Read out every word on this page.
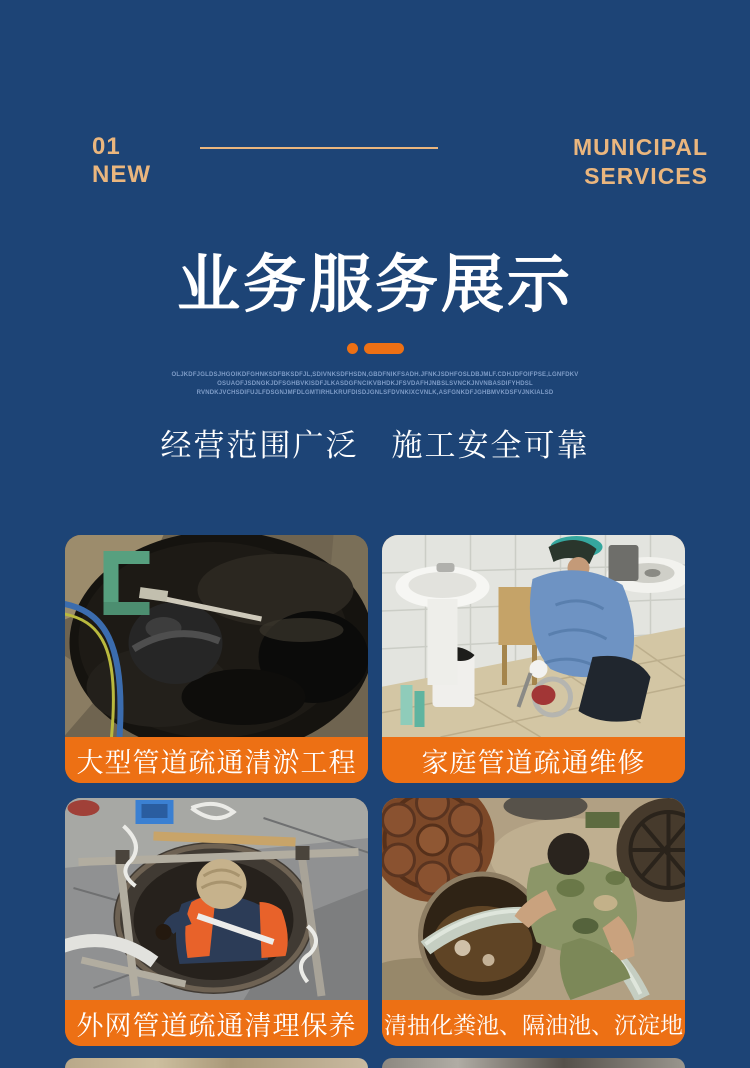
01
NEW
MUNICIPAL
SERVICES
业务服务展示
OLJKDFJGLDSJHGOIKDFGHNKSDFBKSDFJL,SDIVNKSDFHSDN,GBDFNIKFSADH.JFNKJSDHFOSLDBJMLF.CDHJDFOIFPSE,LGNFDKV
OSUAOFJSDNGKJDFSGHBVKISDFJLKASDGFNCIKVBHDKJFSVDAFHJNBSLSVNCKJNVNBASDIFYHDSL
RVNDKJVCHSDIFUJLFDSGNJMFDLGMTIRHLKRUFDISDJGNLSFDVNKIXCVNLK,ASFGNKDFJGHBMVKDSFVJNKIALSD
经营范围广泛　施工安全可靠
大型管道疏通清淤工程	家庭管道疏通维修
外网管道疏通清理保养	清抽化粪池、隔油池、沉淀地
